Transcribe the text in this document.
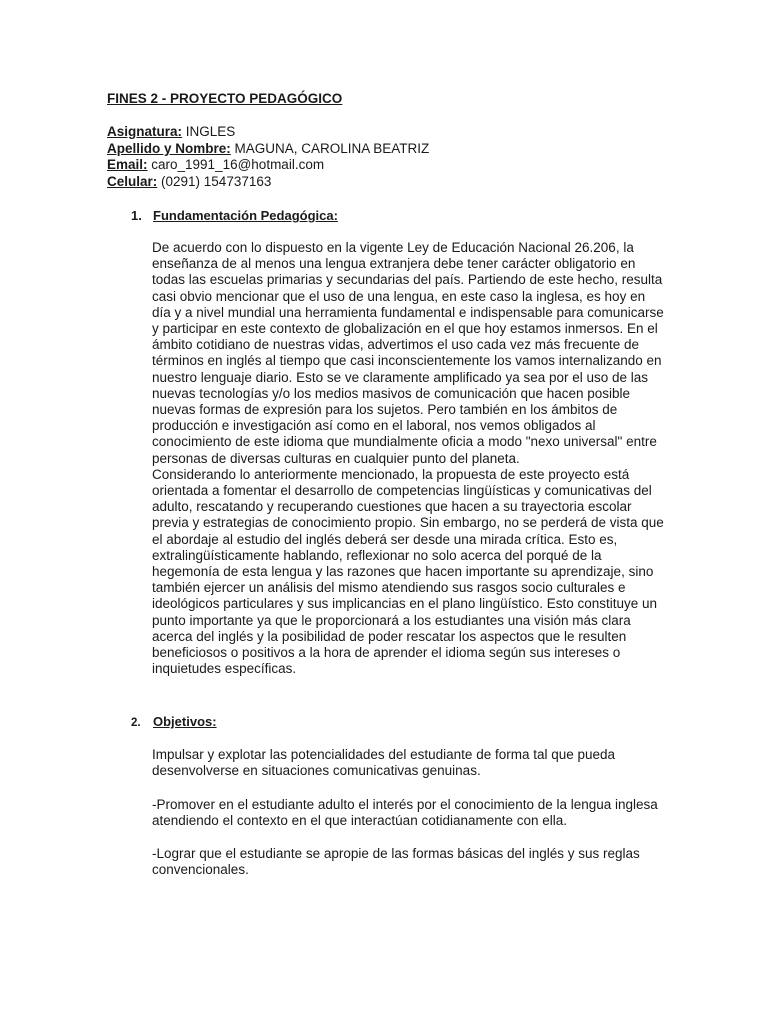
FINES 2 - PROYECTO PEDAGÓGICO
Asignatura: INGLES
Apellido y Nombre: MAGUNA, CAROLINA BEATRIZ
Email: caro_1991_16@hotmail.com
Celular: (0291) 154737163
1. Fundamentación Pedagógica:

De acuerdo con lo dispuesto en la vigente Ley de Educación Nacional 26.206, la enseñanza de al menos una lengua extranjera debe tener carácter obligatorio en todas las escuelas primarias y secundarias del país. Partiendo de este hecho, resulta casi obvio mencionar que el uso de una lengua, en este caso la inglesa, es hoy en día y a nivel mundial una herramienta fundamental e indispensable para comunicarse y participar en este contexto de globalización en el que hoy estamos inmersos. En el ámbito cotidiano de nuestras vidas, advertimos el uso cada vez más frecuente de términos en inglés al tiempo que casi inconscientemente los vamos internalizando en nuestro lenguaje diario. Esto se ve claramente amplificado ya sea por el uso de las nuevas tecnologías y/o los medios masivos de comunicación que hacen posible nuevas formas de expresión para los sujetos. Pero también en los ámbitos de producción e investigación así como en el laboral, nos vemos obligados al conocimiento de este idioma que mundialmente oficia a modo "nexo universal" entre personas de diversas culturas en cualquier punto del planeta.

Considerando lo anteriormente mencionado, la propuesta de este proyecto está orientada a fomentar el desarrollo de competencias lingüísticas y comunicativas del adulto, rescatando y recuperando cuestiones que hacen a su trayectoria escolar previa y estrategias de conocimiento propio. Sin embargo, no se perderá de vista que el abordaje al estudio del inglés deberá ser desde una mirada crítica. Esto es, extralingüísticamente hablando, reflexionar no solo acerca del porqué de la hegemonía de esta lengua y las razones que hacen importante su aprendizaje, sino también ejercer un análisis del mismo atendiendo sus rasgos socio culturales e ideológicos particulares y sus implicancias en el plano lingüístico. Esto constituye un punto importante ya que le proporcionará a los estudiantes una visión más clara acerca del inglés y la posibilidad de poder rescatar los aspectos que le resulten beneficiosos o positivos a la hora de aprender el idioma según sus intereses o inquietudes específicas.

2. Objetivos:
Impulsar y explotar las potencialidades del estudiante de forma tal que pueda desenvolverse en situaciones comunicativas genuinas.
-Promover en el estudiante adulto el interés por el conocimiento de la lengua inglesa atendiendo el contexto en el que interactúan cotidianamente con ella.
-Lograr que el estudiante se apropie de las formas básicas del inglés y sus reglas convencionales.
